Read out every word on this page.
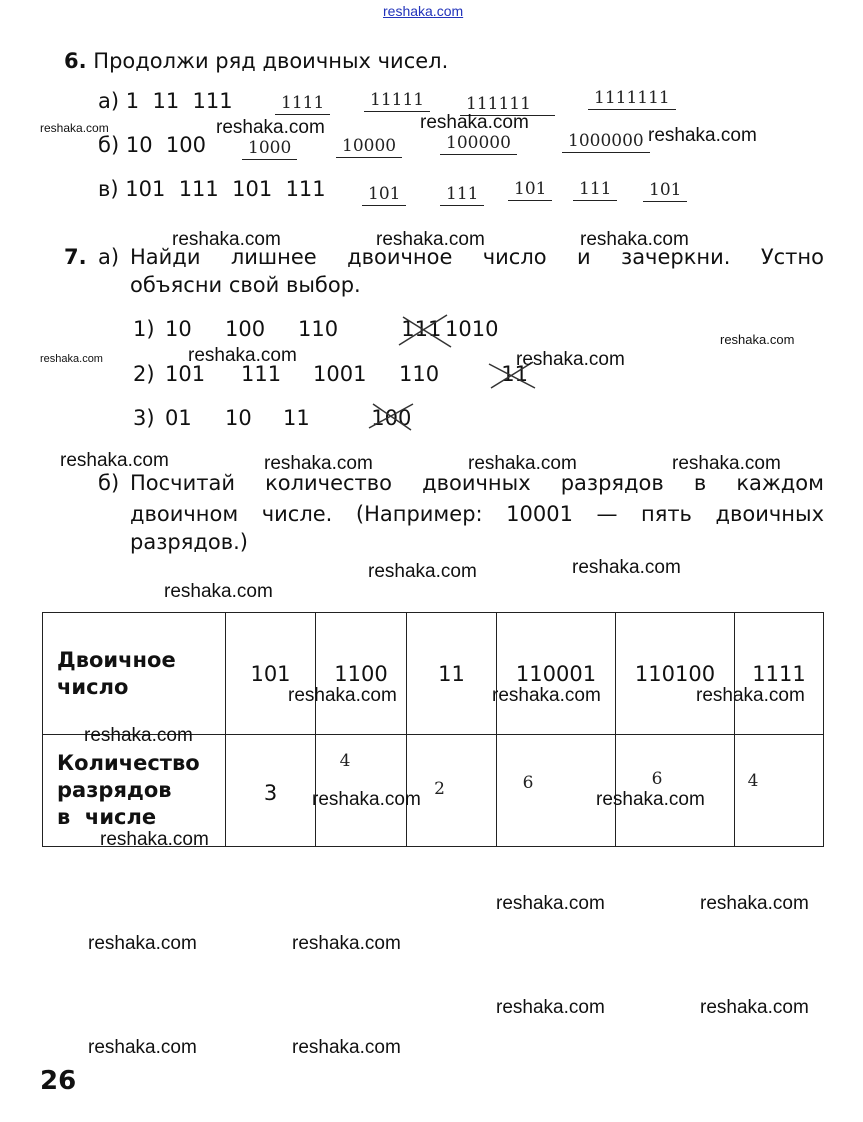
reshaka.com
6. Продолжи ряд двоичных чисел.
а) 1  11  111	1111	11111	111111	1111111
б) 10  100	1000	10000	100000	1000000
в) 101  111  101  111	101	111	101	111	101
7. а) Найди лишнее двоичное число и зачеркни. Устно
объясни свой выбор.
1) 10 100 110	111 1010
2) 101 111 1001 110	11
3) 01 10 11	100
б) Посчитай количество двоичных разрядов в каждом
двоичном числе. (Например: 10001 — пять двоичных
разрядов.)
Двоичное
число	101	1100	11	110001	110100	1111

Количество
разрядов
в  числе	3	$^4$	2	$^6$	$^6$	$^4$
reshaka.com	reshaka.com	reshaka.com
reshaka.com
reshaka.com	reshaka.com	reshaka.com
reshaka.com
reshaka.com
reshaka.com	reshaka.com
reshaka.com	reshaka.com	reshaka.com	reshaka.com
reshaka.com	reshaka.com
reshaka.com
reshaka.com	reshaka.com	reshaka.com
reshaka.com
reshaka.com	reshaka.com
reshaka.com
reshaka.com	reshaka.com
reshaka.com	reshaka.com
reshaka.com	reshaka.com
reshaka.com	reshaka.com
26
